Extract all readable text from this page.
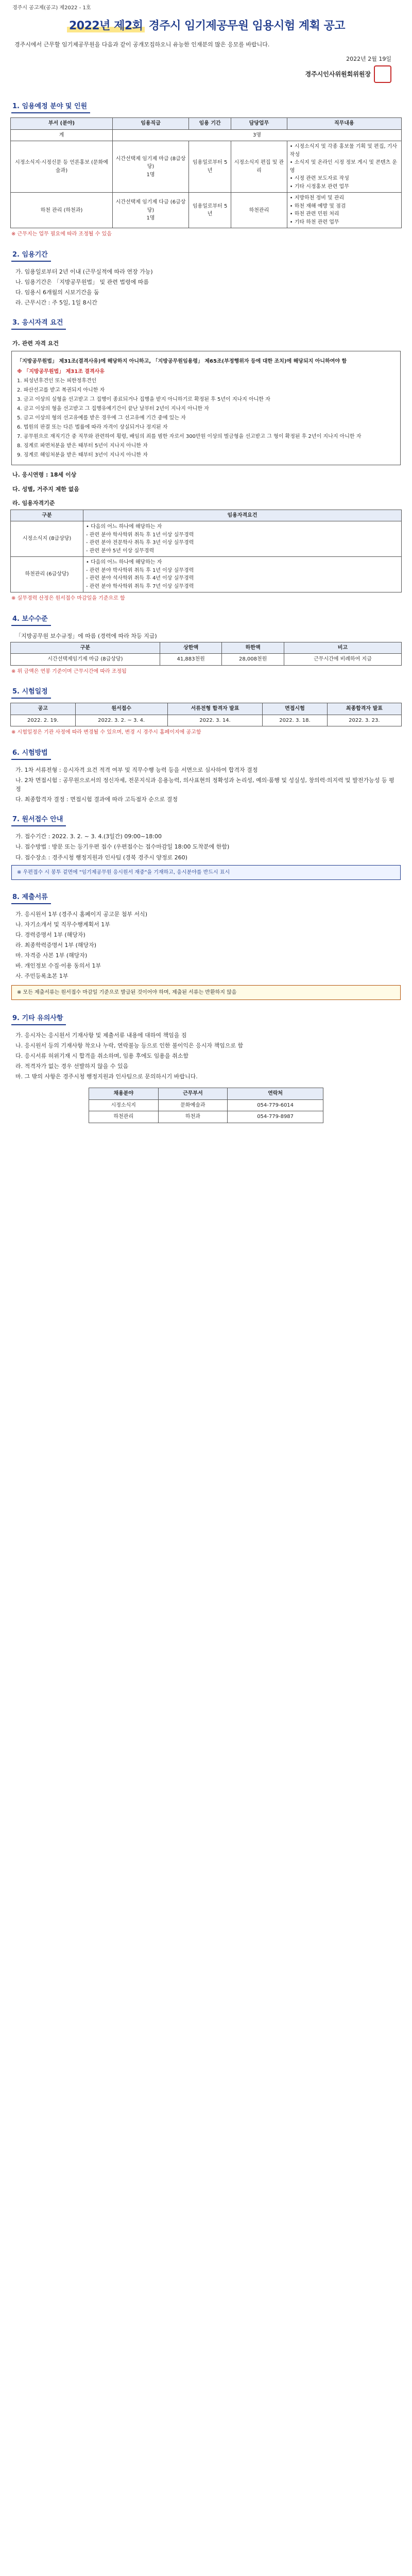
경주시 공고제(공고) 제2022 - 1호
2022년 제2회 경주시 임기제공무원 임용시험 계획 공고
경주시에서 근무할 임기제공무원을 다음과 같이 공개모집하오니 유능한 인재분의 많은 응모를 바랍니다.
2022년 2월 19일
경주시인사위원회위원장
1. 임용예정 분야 및 인원
부서 (분야)	임용직급	임용 기간	담당업무	직무내용
계	3명			
시정소식지·시정신문 등 언론홍보 (문화예술과)	시간선택제 임기제 마급 (8급상당)
1명	임용일로부터 5년	시정소식지 편집 및 관리	• 시정소식지 및 각종 홍보물 기획 및 편집, 기사 작성
• 소식지 및 온라인 시정 정보 게시 및 콘텐츠 운영
• 시정 관련 보도자료 작성
• 기타 시정홍보 관련 업무
하천 관리 (하천과)	시간선택제 임기제 다급 (6급상당)
1명	임용일로부터 5년	하천관리	• 지방하천 정비 및 관리
• 하천 재해 예방 및 점검
• 하천 관련 민원 처리
• 기타 하천 관련 업무
※ 근무지는 업무 필요에 따라 조정될 수 있음
2. 임용기간
가. 임용일로부터 2년 이내 (근무실적에 따라 연장 가능)
나. 임용기간은 「지방공무원법」 및 관련 법령에 따름
다. 임용시 6개월의 시보기간을 둠
라. 근무시간 : 주 5일, 1일 8시간
3. 응시자격 요건
가. 관련 자격 요건
「지방공무원법」 제31조(결격사유)에 해당하지 아니하고, 「지방공무원임용령」 제65조(부정행위자 등에 대한 조치)에 해당되지 아니하여야 함
※ 「지방공무원법」 제31조 결격사유
1. 피성년후견인 또는 피한정후견인
2. 파산선고를 받고 복권되지 아니한 자
3. 금고 이상의 실형을 선고받고 그 집행이 종료되거나 집행을 받지 아니하기로 확정된 후 5년이 지나지 아니한 자
4. 금고 이상의 형을 선고받고 그 집행유예기간이 끝난 날부터 2년이 지나지 아니한 자
5. 금고 이상의 형의 선고유예를 받은 경우에 그 선고유예 기간 중에 있는 자
6. 법원의 판결 또는 다른 법률에 따라 자격이 상실되거나 정지된 자
7. 공무원으로 재직기간 중 직무와 관련하여 횡령, 배임의 죄를 범한 자로서 300만원 이상의 벌금형을 선고받고 그 형이 확정된 후 2년이 지나지 아니한 자
8. 징계로 파면처분을 받은 때부터 5년이 지나지 아니한 자
9. 징계로 해임처분을 받은 때부터 3년이 지나지 아니한 자
나. 응시연령 : 18세 이상
다. 성별, 거주지 제한 없음
라. 임용자격기준
구분	임용자격요건
시정소식지 (8급상당)	• 다음의 어느 하나에 해당하는 자
- 관련 분야 학사학위 취득 후 1년 이상 실무경력
- 관련 분야 전문학사 취득 후 3년 이상 실무경력
- 관련 분야 5년 이상 실무경력
하천관리 (6급상당)	• 다음의 어느 하나에 해당하는 자
- 관련 분야 박사학위 취득 후 1년 이상 실무경력
- 관련 분야 석사학위 취득 후 4년 이상 실무경력
- 관련 분야 학사학위 취득 후 7년 이상 실무경력
※ 실무경력 산정은 원서접수 마감일을 기준으로 함
4. 보수수준
「지방공무원 보수규정」에 따름 (경력에 따라 차등 지급)
구분	상한액	하한액	비고
시간선택제임기제 마급 (8급상당)	41,883천원	28,008천원	근무시간에 비례하여 지급
※ 위 금액은 연봉 기준이며 근무시간에 따라 조정됨
5. 시험일정
공고	원서접수	서류전형 합격자 발표	면접시험	최종합격자 발표
2022. 2. 19.	2022. 3. 2. ~ 3. 4.	2022. 3. 14.	2022. 3. 18.	2022. 3. 23.
※ 시험일정은 기관 사정에 따라 변경될 수 있으며, 변경 시 경주시 홈페이지에 공고함
6. 시험방법
가. 1차 서류전형 : 응시자격 요건 적격 여부 및 직무수행 능력 등을 서면으로 심사하여 합격자 결정
나. 2차 면접시험 : 공무원으로서의 정신자세, 전문지식과 응용능력, 의사표현의 정확성과 논리성, 예의·품행 및 성실성, 창의력·의지력 및 발전가능성 등 평정
다. 최종합격자 결정 : 면접시험 결과에 따라 고득점자 순으로 결정
7. 원서접수 안내
가. 접수기간 : 2022. 3. 2. ~ 3. 4.(3일간) 09:00~18:00
나. 접수방법 : 방문 또는 등기우편 접수 (우편접수는 접수마감일 18:00 도착분에 한함)
다. 접수장소 : 경주시청 행정지원과 인사팀 (경북 경주시 양정로 260)
※ 우편접수 시 봉투 겉면에 "임기제공무원 응시원서 재중"을 기재하고, 응시분야를 반드시 표시
8. 제출서류
가. 응시원서 1부 (경주시 홈페이지 공고문 첨부 서식)
나. 자기소개서 및 직무수행계획서 1부
다. 경력증명서 1부 (해당자)
라. 최종학력증명서 1부 (해당자)
마. 자격증 사본 1부 (해당자)
바. 개인정보 수집·이용 동의서 1부
사. 주민등록초본 1부
※ 모든 제출서류는 원서접수 마감일 기준으로 발급된 것이어야 하며, 제출된 서류는 반환하지 않음
9. 기타 유의사항
가. 응시자는 응시원서 기재사항 및 제출서류 내용에 대하여 책임을 짐
나. 응시원서 등의 기재사항 착오나 누락, 연락불능 등으로 인한 불이익은 응시자 책임으로 함
다. 응시서류 허위기재 시 합격을 취소하며, 임용 후에도 임용을 취소함
라. 적격자가 없는 경우 선발하지 않을 수 있음
마. 그 밖의 사항은 경주시청 행정지원과 인사팀으로 문의하시기 바랍니다.
채용분야	근무부서	연락처
시정소식지	문화예술과	054-779-6014
하천관리	하천과	054-779-8987
